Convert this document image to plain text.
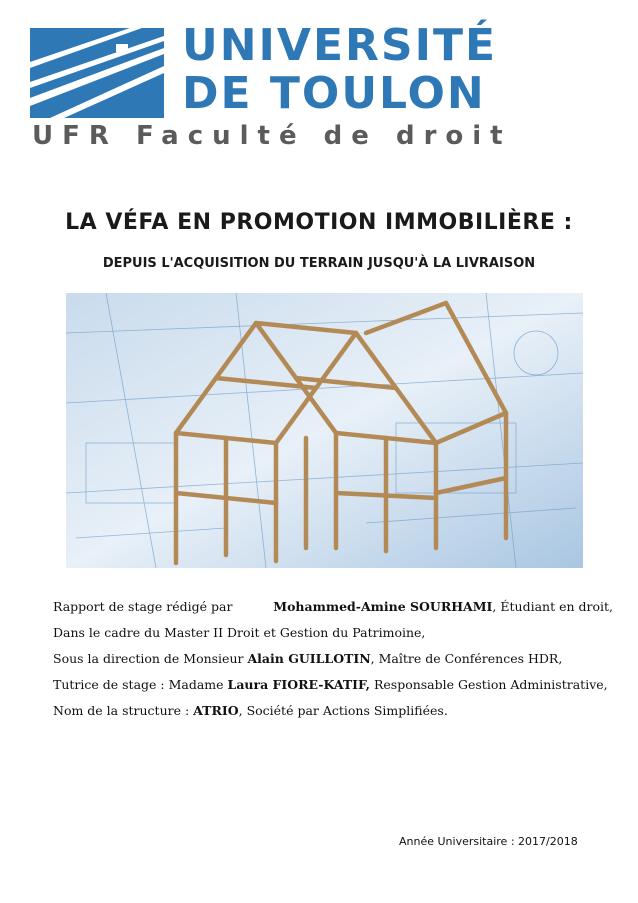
UNIVERSITÉ
DE TOULON
UFR Faculté de droit
LA VÉFA EN PROMOTION IMMOBILIÈRE :
DEPUIS L'ACQUISITION DU TERRAIN JUSQU'À LA LIVRAISON

Rapport de stage rédigé par	Mohammed-Amine SOURHAMI, Étudiant en droit,

Dans le cadre du Master II Droit et Gestion du Patrimoine,

Sous la direction de Monsieur Alain GUILLOTIN, Maître de Conférences HDR,

Tutrice de stage : Madame Laura FIORE-KATIF, Responsable Gestion Administrative,

Nom de la structure : ATRIO, Société par Actions Simplifiées.

Année Universitaire : 2017/2018
